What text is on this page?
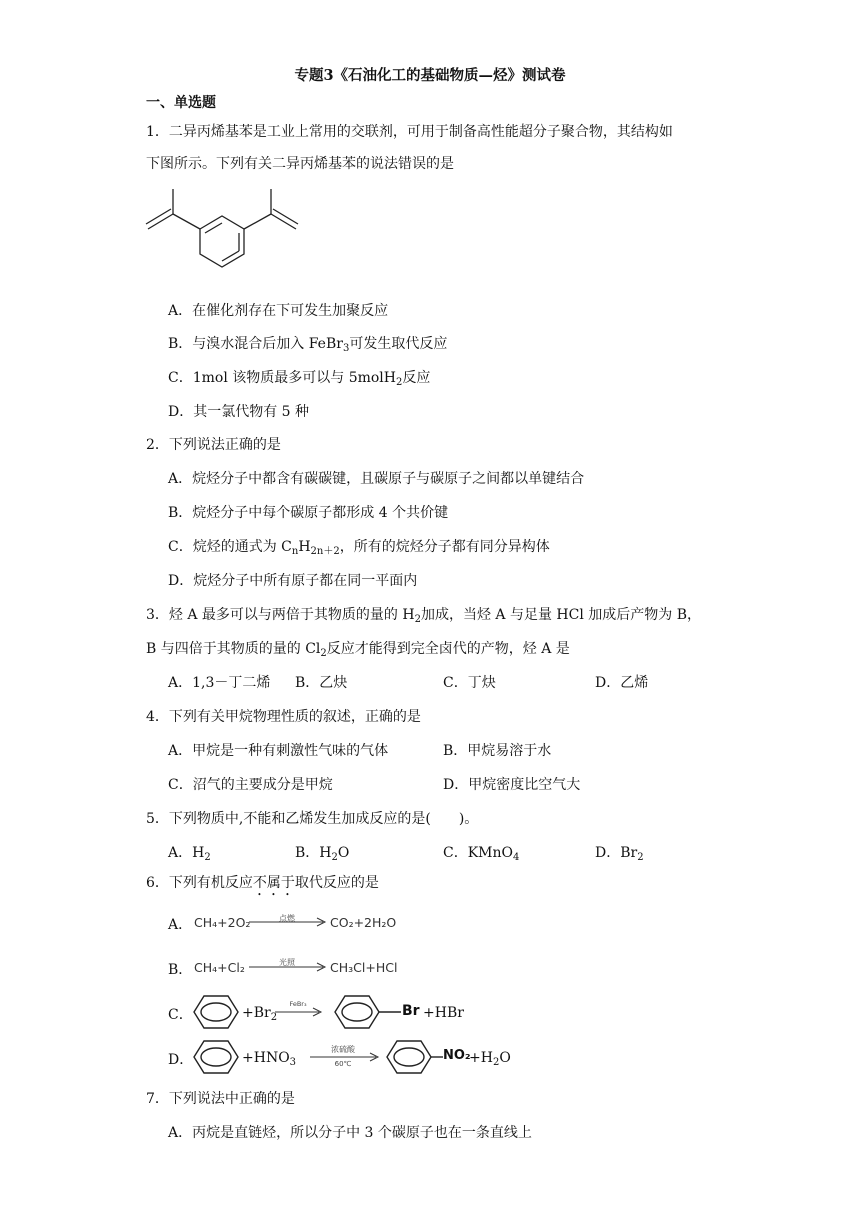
专题3《石油化工的基础物质—烃》测试卷
一、单选题
1．二异丙烯基苯是工业上常用的交联剂，可用于制备高性能超分子聚合物，其结构如
下图所示。下列有关二异丙烯基苯的说法错误的是
A．在催化剂存在下可发生加聚反应
B．与溴水混合后加入 FeBr$_3$可发生取代反应
C．1mol 该物质最多可以与 5molH$_2$反应
D．其一氯代物有 5 种
2．下列说法正确的是
A．烷烃分子中都含有碳碳键，且碳原子与碳原子之间都以单键结合
B．烷烃分子中每个碳原子都形成 4 个共价键
C．烷烃的通式为 $C_nH_{2n+2}$，所有的烷烃分子都有同分异构体
D．烷烃分子中所有原子都在同一平面内
3．烃 A 最多可以与两倍于其物质的量的 $H_2$加成，当烃 A 与足量 HCl 加成后产物为 B，
B 与四倍于其物质的量的 $Cl_2$反应才能得到完全卤代的产物，烃 A 是
A．1,3－丁二烯 B．乙炔	C．丁炔	D．乙烯
4．下列有关甲烷物理性质的叙述，正确的是
A．甲烷是一种有刺激性气味的气体	B．甲烷易溶于水
C．沼气的主要成分是甲烷	D．甲烷密度比空气大
5．下列物质中,不能和乙烯发生加成反应的是(　　)。
A．$H_2$	B．$H_2O$	C．KMnO$_4$	D．$Br_2$
6．下列有机反应不属于取代反应的是
A． CH₄+2O₂	点燃	CO₂+2H₂O
B． CH₄+Cl₂	光照	CH₃Cl+HCl
C．	$+Br_2$
FeBr₃	Br +HBr
D．	$+HNO_3$
浓硫酸
60℃
NO₂
$+H_2O$
7．下列说法中正确的是
A．丙烷是直链烃，所以分子中 3 个碳原子也在一条直线上
